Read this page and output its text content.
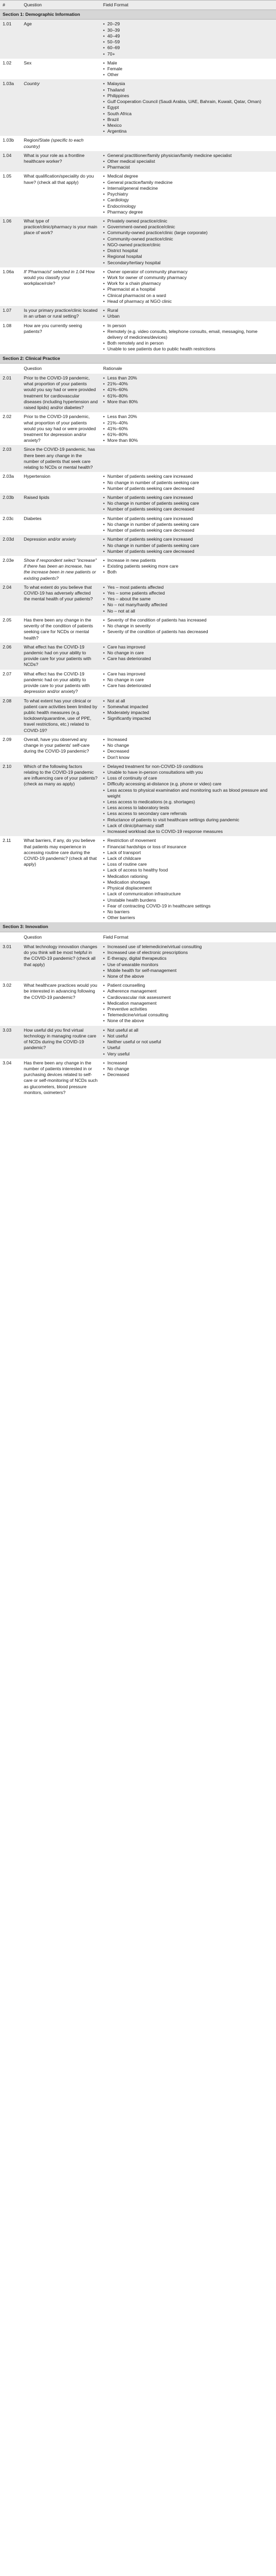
#	Question	Field Format
Section 1: Demographic Information
1.01	Age	• 20–29
• 30–39
• 40–49
• 50–59
• 60–69
• 70+
1.02	Sex	• Male
• Female
• Other
1.03a	Country	• Malaysia
• Thailand
• Philippines
• Gulf Cooperation Council (Saudi Arabia, UAE, Bahrain, Kuwait, Qatar, Oman)
• Egypt
• South Africa
• Brazil
• Mexico
• Argentina
1.03b	Region/State (specific to each country)
1.04	What is your role as a frontline healthcare worker?
• General practitioner/family physician/family medicine specialist
• Other medical specialist
• Pharmacist
1.05	What qualification/speciality do you have? (check all that apply)
• Medical degree
• General practice/family medicine
• Internal/general medicine
• Psychiatry
• Cardiology
• Endocrinology
• Pharmacy degree
1.06	What type of practice/clinic/pharmacy is your main place of work?
• Privately owned practice/clinic
• Government-owned practice/clinic
• Community-owned practice/clinic (large corporate)
• Community-owned practice/clinic
• NGO-owned practice/clinic
• District hospital
• Regional hospital
• Secondary/tertiary hospital
1.06a	If 'Pharmacist' selected in 1.04 How would you classify your workplace/role?
• Owner operator of community pharmacy
• Work for owner of community pharmacy
• Work for a chain pharmacy
• Pharmacist at a hospital
• Clinical pharmacist on a ward
• Head of pharmacy at NGO clinic
1.07	Is your primary practice/clinic located in an urban or rural setting?
• Rural
• Urban
1.08	How are you currently seeing patients?
• In person
• Remotely (e.g. video consults, telephone consults, email, messaging, home delivery of medicines/devices)
• Both remotely and in person
• Unable to see patients due to public health restrictions
Section 2: Clinical Practice
Question	Rationale
2.01	Prior to the COVID-19 pandemic, what proportion of your patients would you say had or were provided treatment for cardiovascular diseases (including hypertension and raised lipids) and/or diabetes?
• Less than 20%
• 21%–40%
• 41%–60%
• 61%–80%
• More than 80%
2.02	Prior to the COVID-19 pandemic, what proportion of your patients would you say had or were provided treatment for depression and/or anxiety?
• Less than 20%
• 21%–40%
• 41%–60%
• 61%–80%
• More than 80%
2.03	Since the COVID-19 pandemic, has there been any change in the number of patients that seek care relating to NCDs or mental health?
2.03a	Hypertension	• Number of patients seeking care increased
• No change in number of patients seeking care
• Number of patients seeking care decreased
2.03b	Raised lipids	• Number of patients seeking care increased
• No change in number of patients seeking care
• Number of patients seeking care decreased
2.03c	Diabetes	• Number of patients seeking care increased
• No change in number of patients seeking care
• Number of patients seeking care decreased
2.03d	Depression and/or anxiety	• Number of patients seeking care increased
• No change in number of patients seeking care
• Number of patients seeking care decreased
2.03e	Show if respondent select "increase" if there has been an increase, has the increase been in new patients or existing patients?
• Increase in new patients
• Existing patients seeking more care
• Both
2.04	To what extent do you believe that COVID-19 has adversely affected the mental health of your patients?
• Yes – most patients affected
• Yes – some patients affected
• Yes – about the same
• No – not many/hardly affected
• No – not at all
2.05	Has there been any change in the severity of the condition of patients seeking care for NCDs or mental health?
• Severity of the condition of patients has increased
• No change in severity
• Severity of the condition of patients has decreased
2.06	What effect has the COVID-19 pandemic had on your ability to provide care for your patients with NCDs?
• Care has improved
• No change in care
• Care has deteriorated
2.07	What effect has the COVID-19 pandemic had on your ability to provide care to your patients with depression and/or anxiety?
• Care has improved
• No change in care
• Care has deteriorated
2.08	To what extent has your clinical or patient care activities been limited by public health measures (e.g. lockdown/quarantine, use of PPE, travel restrictions, etc.) related to COVID-19?
• Not at all
• Somewhat impacted
• Moderately impacted
• Significantly impacted
2.09	Overall, have you observed any change in your patients' self-care during the COVID-19 pandemic?
• Increased
• No change
• Decreased
• Don't know
2.10	Which of the following factors relating to the COVID-19 pandemic are influencing care of your patients? (check as many as apply)
• Delayed treatment for non-COVID-19 conditions
• Unable to have in-person consultations with you
• Loss of continuity of care
• Difficulty accessing at-distance (e.g. phone or video) care
• Less access to physical examination and monitoring such as blood pressure and weight
• Less access to medications (e.g. shortages)
• Less access to laboratory tests
• Less access to secondary care referrals
• Reluctance of patients to visit healthcare settings during pandemic
• Lack of clinic/pharmacy staff
• Increased workload due to COVID-19 response measures
2.11	What barriers, if any, do you believe that patients may experience in accessing routine care during the COVID-19 pandemic? (check all that apply)
• Restriction of movement
• Financial hardships or loss of insurance
• Lack of transport
• Lack of childcare
• Loss of routine care
• Lack of access to healthy food
• Medication rationing
• Medication shortages
• Physical displacement
• Lack of communication infrastructure
• Unstable health burdens
• Fear of contracting COVID-19 in healthcare settings
• No barriers
• Other barriers
Section 3: Innovation
Question	Field Format
3.01	What technology innovation changes do you think will be most helpful in the COVID-19 pandemic? (check all that apply)
• Increased use of telemedicine/virtual consulting
• Increased use of electronic prescriptions
• E-therapy, digital therapeutics
• Use of wearable monitors
• Mobile health for self-management
• None of the above
3.02	What healthcare practices would you be interested in advancing following the COVID-19 pandemic?
• Patient counselling
• Adherence management
• Cardiovascular risk assessment
• Medication management
• Preventive activities
• Telemedicine/virtual consulting
• None of the above
3.03	How useful did you find virtual technology in managing routine care of NCDs during the COVID-19 pandemic?
• Not useful at all
• Not useful
• Neither useful or not useful
• Useful
• Very useful
3.04	Has there been any change in the number of patients interested in or purchasing devices related to self-care or self-monitoring of NCDs such as glucometers, blood pressure monitors, oximeters?
• Increased
• No change
• Decreased
